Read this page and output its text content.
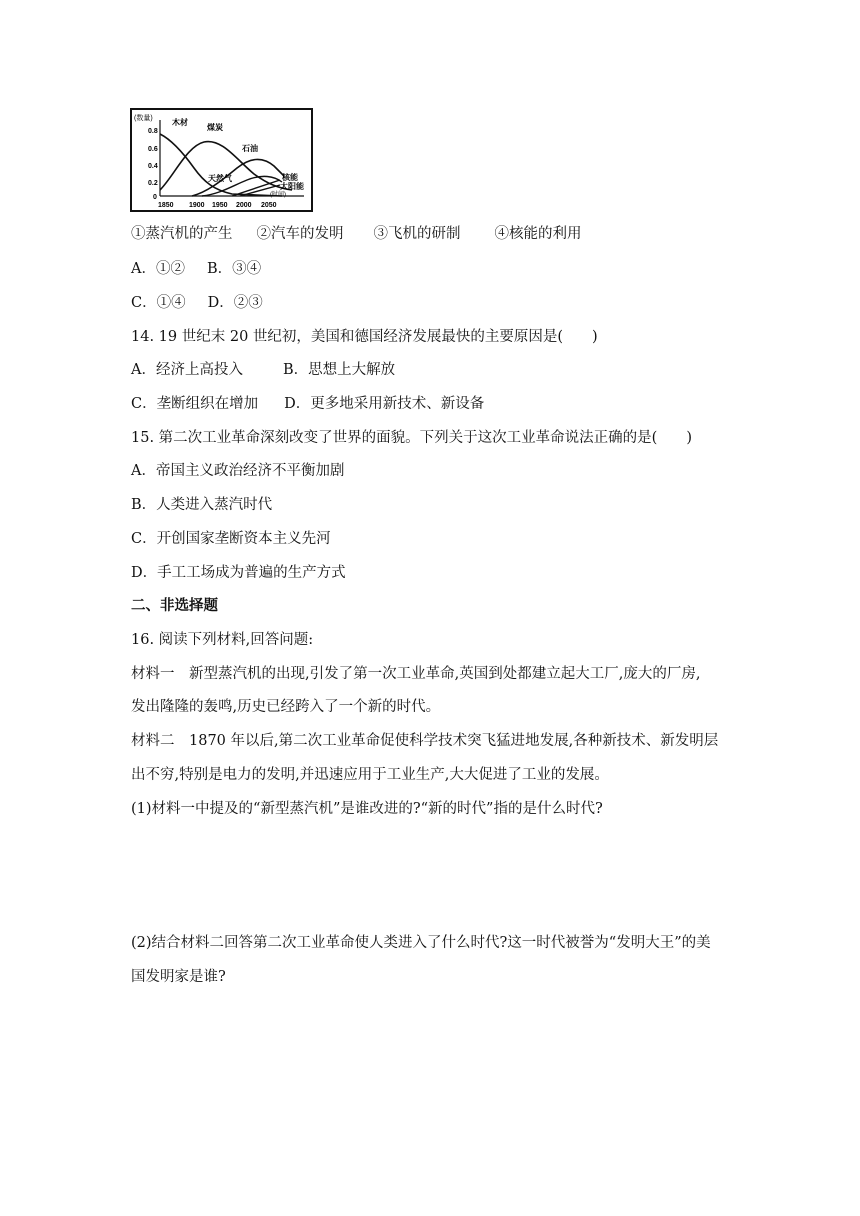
(数量)
0.8
0.6
0.4
0.2
0
1850 1900 1950 2000 2050
(时间)
木材
煤炭
石油
天然气	核能
太阳能
①蒸汽机的产生 ②汽车的发明 ③飞机的研制 ④核能的利用
A．①② B．③④
C．①④ D．②③
14. 19 世纪末 20 世纪初，美国和德国经济发展最快的主要原因是(　　)
A．经济上高投入	B．思想上大解放
C．垄断组织在增加 D．更多地采用新技术、新设备
15. 第二次工业革命深刻改变了世界的面貌。下列关于这次工业革命说法正确的是(　　)
A．帝国主义政治经济不平衡加剧
B．人类进入蒸汽时代
C．开创国家垄断资本主义先河
D．手工工场成为普遍的生产方式
二、非选择题
16. 阅读下列材料,回答问题:
材料一　新型蒸汽机的出现,引发了第一次工业革命,英国到处都建立起大工厂,庞大的厂房,
发出隆隆的轰鸣,历史已经跨入了一个新的时代。
材料二　1870 年以后,第二次工业革命促使科学技术突飞猛进地发展,各种新技术、新发明层
出不穷,特别是电力的发明,并迅速应用于工业生产,大大促进了工业的发展。
(1)材料一中提及的“新型蒸汽机”是谁改进的?“新的时代”指的是什么时代?
(2)结合材料二回答第二次工业革命使人类进入了什么时代?这一时代被誉为“发明大王”的美
国发明家是谁?
